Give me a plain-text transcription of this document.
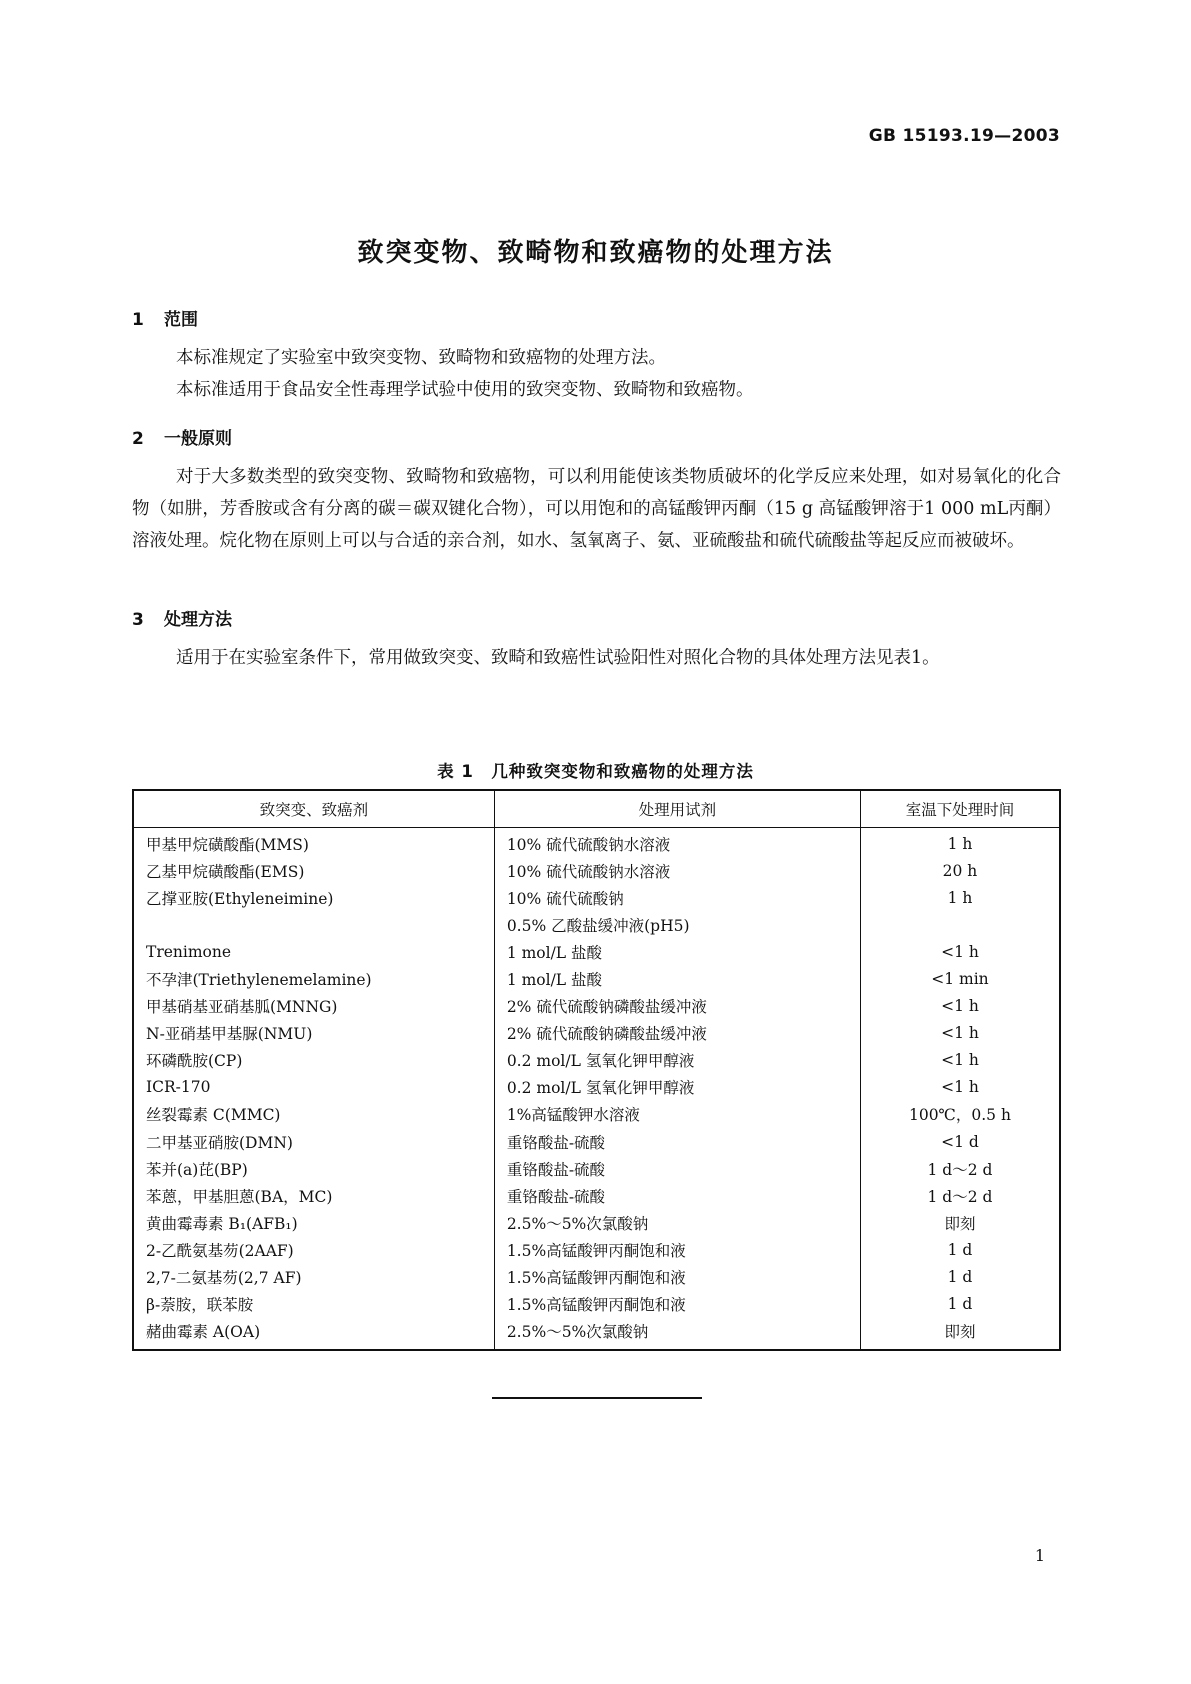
GB 15193.19—2003
致突变物、致畸物和致癌物的处理方法
1 范围

本标准规定了实验室中致突变物、致畸物和致癌物的处理方法。

本标准适用于食品安全性毒理学试验中使用的致突变物、致畸物和致癌物。

2 一般原则

对于大多数类型的致突变物、致畸物和致癌物，可以利用能使该类物质破坏的化学反应来处理，如对易氧化的化合物（如肼，芳香胺或含有分离的碳＝碳双键化合物），可以用饱和的高锰酸钾丙酮（15 g 高锰酸钾溶于1 000 mL丙酮）溶液处理。烷化物在原则上可以与合适的亲合剂，如水、氢氧离子、氨、亚硫酸盐和硫代硫酸盐等起反应而被破坏。

3 处理方法

适用于在实验室条件下，常用做致突变、致畸和致癌性试验阳性对照化合物的具体处理方法见表1。

表 1　几种致突变物和致癌物的处理方法
致突变、致癌剂	处理用试剂	室温下处理时间
甲基甲烷磺酸酯(MMS)	10% 硫代硫酸钠水溶液	1 h
乙基甲烷磺酸酯(EMS)	10% 硫代硫酸钠水溶液	20 h
乙撑亚胺(Ethyleneimine)	10% 硫代硫酸钠	1 h
	0.5% 乙酸盐缓冲液(pH5)	
Trenimone	1 mol/L 盐酸	<1 h
不孕津(Triethylenemelamine)	1 mol/L 盐酸	<1 min
甲基硝基亚硝基胍(MNNG)	2% 硫代硫酸钠磷酸盐缓冲液	<1 h
N-亚硝基甲基脲(NMU)	2% 硫代硫酸钠磷酸盐缓冲液	<1 h
环磷酰胺(CP)	0.2 mol/L 氢氧化钾甲醇液	<1 h
ICR-170	0.2 mol/L 氢氧化钾甲醇液	<1 h
丝裂霉素 C(MMC)	1%高锰酸钾水溶液	100℃，0.5 h
二甲基亚硝胺(DMN)	重铬酸盐-硫酸	<1 d
苯并(a)芘(BP)	重铬酸盐-硫酸	1 d～2 d
苯蒽，甲基胆蒽(BA，MC)	重铬酸盐-硫酸	1 d～2 d
黄曲霉毒素 B₁(AFB₁)	2.5%～5%次氯酸钠	即刻
2-乙酰氨基芴(2AAF)	1.5%高锰酸钾丙酮饱和液	1 d
2,7-二氨基芴(2,7 AF)	1.5%高锰酸钾丙酮饱和液	1 d
β-萘胺，联苯胺	1.5%高锰酸钾丙酮饱和液	1 d
赭曲霉素 A(OA)	2.5%～5%次氯酸钠	即刻
1
